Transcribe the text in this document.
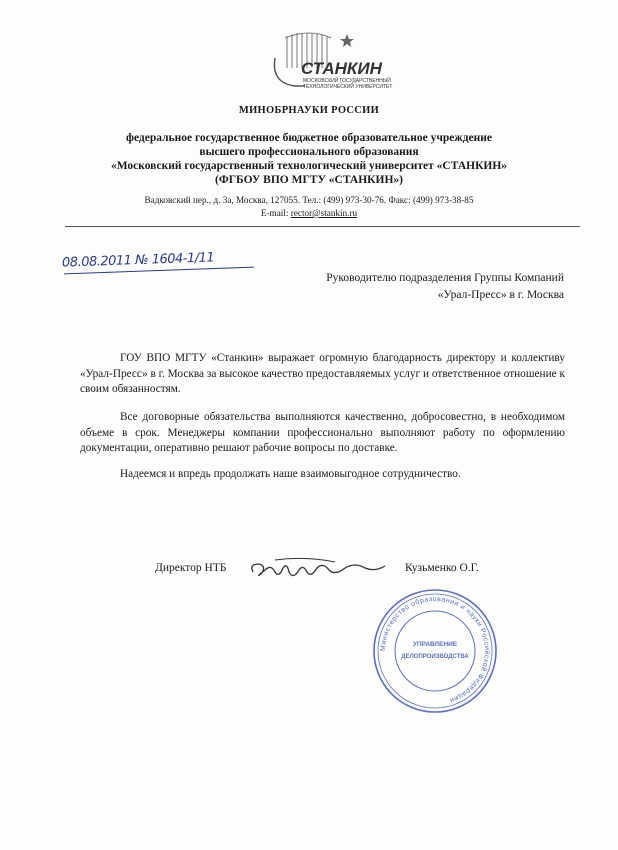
СТАНКИН
МОСКОВСКИЙ ГОСУДАРСТВЕННЫЙ
ТЕХНОЛОГИЧЕСКИЙ УНИВЕРСИТЕТ
МИНОБРНАУКИ РОССИИ
федеральное государственное бюджетное образовательное учреждение
высшего профессионального образования
«Московский государственный технологический университет «СТАНКИН»
(ФГБОУ ВПО МГТУ «СТАНКИН»)
Вадковский пер., д. 3а, Москва, 127055. Тел.: (499) 973-30-76. Факс: (499) 973-38-85
E-mail: rector@stankin.ru
08.08.2011 № 1604-1/11
Руководителю подразделения Группы Компаний
«Урал-Пресс» в г. Москва
ГОУ ВПО МГТУ «Станкин» выражает огромную благодарность директору и коллективу «Урал-Пресс» в г. Москва за высокое качество предоставляемых услуг и ответственное отношение к своим обязанностям.
Все договорные обязательства выполняются качественно, добросовестно, в необходимом объеме в срок. Менеджеры компании профессионально выполняют работу по оформлению документации, оперативно решают рабочие вопросы по доставке.
Надеемся и впредь продолжать наше взаимовыгодное сотрудничество.
Директор НТБ	Кузьменко О.Г.
Министерство образования и науки Российской Федерации
УПРАВЛЕНИЕ
ДЕЛОПРОИЗВОДСТВА
